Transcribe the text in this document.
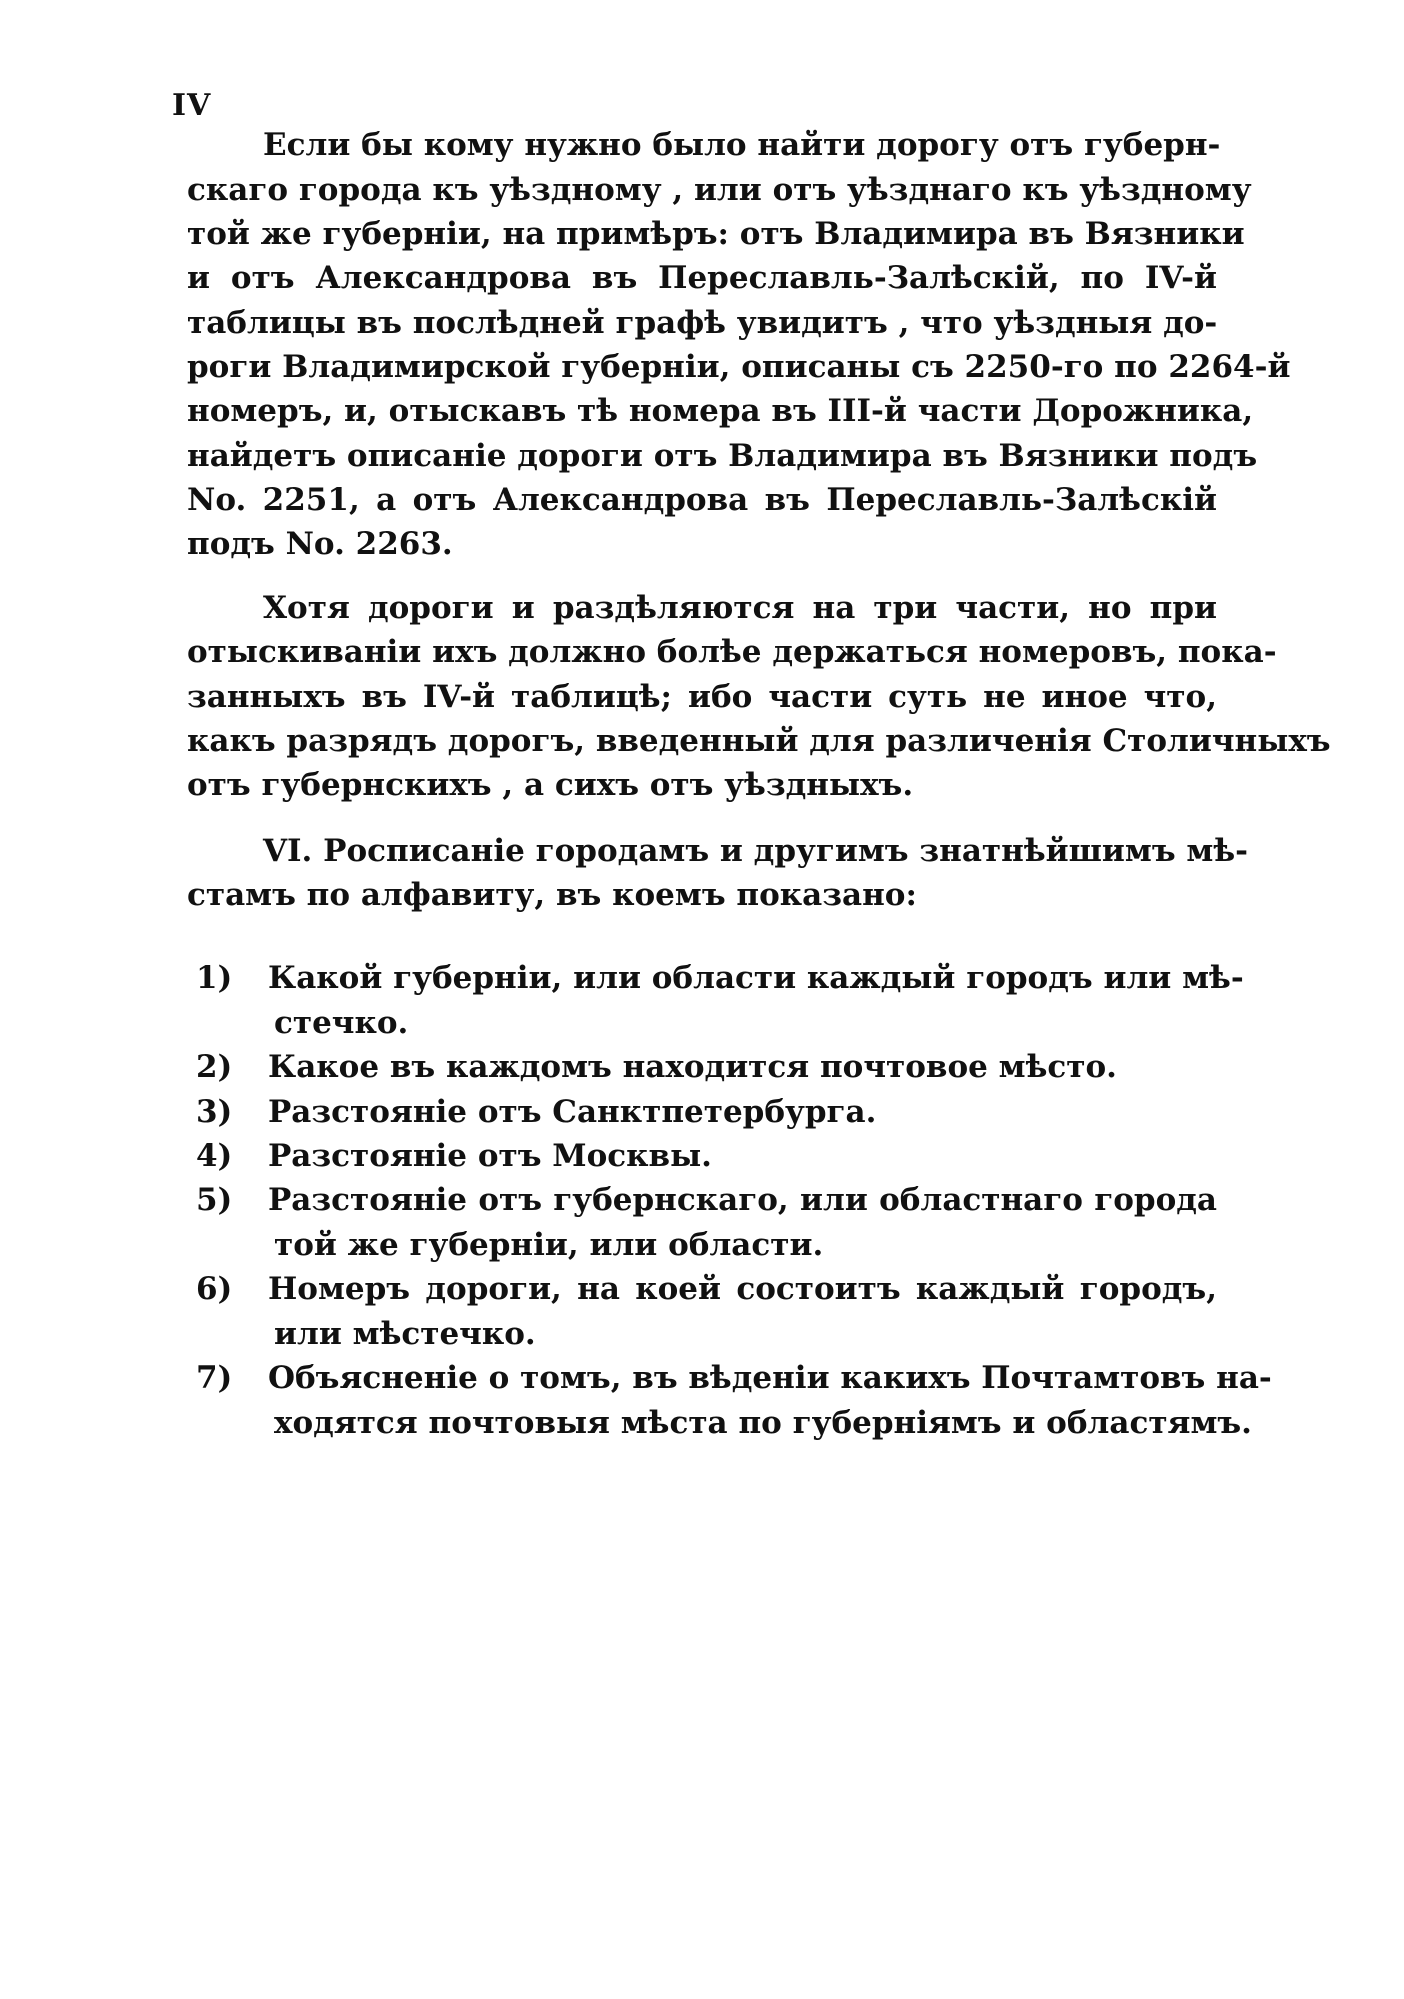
IV
Если бы кому нужно было найти дорогу отъ губерн-
скаго города къ уѣздному , или отъ уѣзднаго къ уѣздному
той же губерніи, на примѣръ: отъ Владимира въ Вязники
и отъ Александрова въ Переславль-Залѣскій, по IV-й
таблицы въ послѣдней графѣ увидитъ , что уѣздныя до-
роги Владимирской губерніи, описаны съ 2250-го по 2264-й
номеръ, и, отыскавъ тѣ номера въ III-й части Дорожника,
найдетъ описаніе дороги отъ Владимира въ Вязники подъ
No. 2251, а отъ Александрова въ Переславль-Залѣскій
подъ No. 2263.
Хотя дороги и раздѣляются на три части, но при
отыскиваніи ихъ должно болѣе держаться номеровъ, пока-
занныхъ въ IV-й таблицѣ; ибо части суть не иное что,
какъ разрядъ дорогъ, введенный для различенія Столичныхъ
отъ губернскихъ , а сихъ отъ уѣздныхъ.
VI. Росписаніе городамъ и другимъ знатнѣйшимъ мѣ-
стамъ по алфавиту, въ коемъ показано:
1)	Какой губерніи, или области каждый городъ или мѣ-
стечко.
2)	Какое въ каждомъ находится почтовое мѣсто.
3)	Разстояніе отъ Санктпетербурга.
4)	Разстояніе отъ Москвы.
5)	Разстояніе отъ губернскаго, или областнаго города
той же губерніи, или области.
6)	Номеръ дороги, на коей состоитъ каждый городъ,
или мѣстечко.
7)	Объясненіе о томъ, въ вѣденіи какихъ Почтамтовъ на-
ходятся почтовыя мѣста по губерніямъ и областямъ.
